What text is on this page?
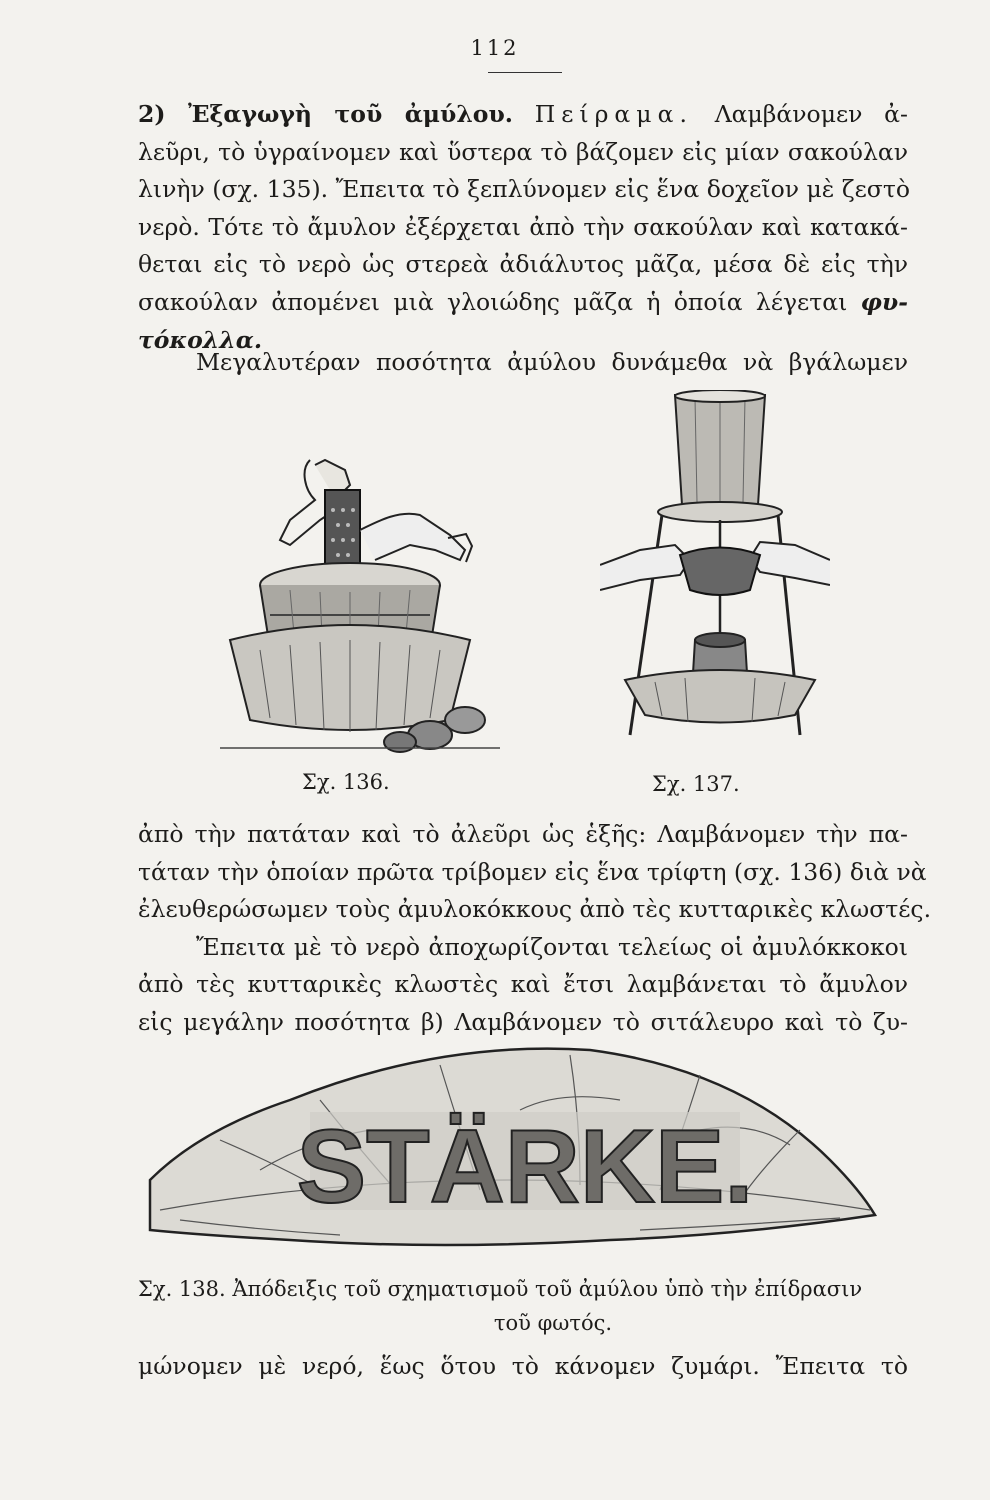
112
2) Ἐξαγωγὴ τοῦ ἀμύλου. Πείραμα. Λαμβάνομεν ἀ-
λεῦρι, τὸ ὑγραίνομεν καὶ ὕστερα τὸ βάζομεν εἰς μίαν σακούλαν
λινὴν (σχ. 135). Ἔπειτα τὸ ξεπλύνομεν εἰς ἕνα δοχεῖον μὲ ζεστὸ
νερὸ. Τότε τὸ ἄμυλον ἐξέρχεται ἀπὸ τὴν σακούλαν καὶ κατακά-
θεται εἰς τὸ νερὸ ὡς στερεὰ ἀδιάλυτος μᾶζα, μέσα δὲ εἰς τὴν
σακούλαν ἀπομένει μιὰ γλοιώδης μᾶζα ἡ ὁποία λέγεται φυ-
τόκολλα.
Μεγαλυτέραν ποσότητα ἀμύλου δυνάμεθα νὰ βγάλωμεν
Σχ. 136.	Σχ. 137.
ἀπὸ τὴν πατάταν καὶ τὸ ἀλεῦρι ὡς ἑξῆς: Λαμβάνομεν τὴν πα-
τάταν τὴν ὁποίαν πρῶτα τρίβομεν εἰς ἕνα τρίφτη (σχ. 136) διὰ νὰ
ἐλευθερώσωμεν τοὺς ἀμυλοκόκκους ἀπὸ τὲς κυτταρικὲς κλωστές.
Ἔπειτα μὲ τὸ νερὸ ἀποχωρίζονται τελείως οἱ ἀμυλόκκοκοι
ἀπὸ τὲς κυτταρικὲς κλωστὲς καὶ ἔτσι λαμβάνεται τὸ ἄμυλον
εἰς μεγάλην ποσότητα β) Λαμβάνομεν τὸ σιτάλευρο καὶ τὸ ζυ-
STÄRKE.
Σχ. 138. Ἀπόδειξις τοῦ σχηματισμοῦ τοῦ ἀμύλου ὑπὸ τὴν ἐπίδρασιν
τοῦ φωτός.
μώνομεν μὲ νερό, ἕως ὅτου τὸ κάνομεν ζυμάρι. Ἔπειτα τὸ
